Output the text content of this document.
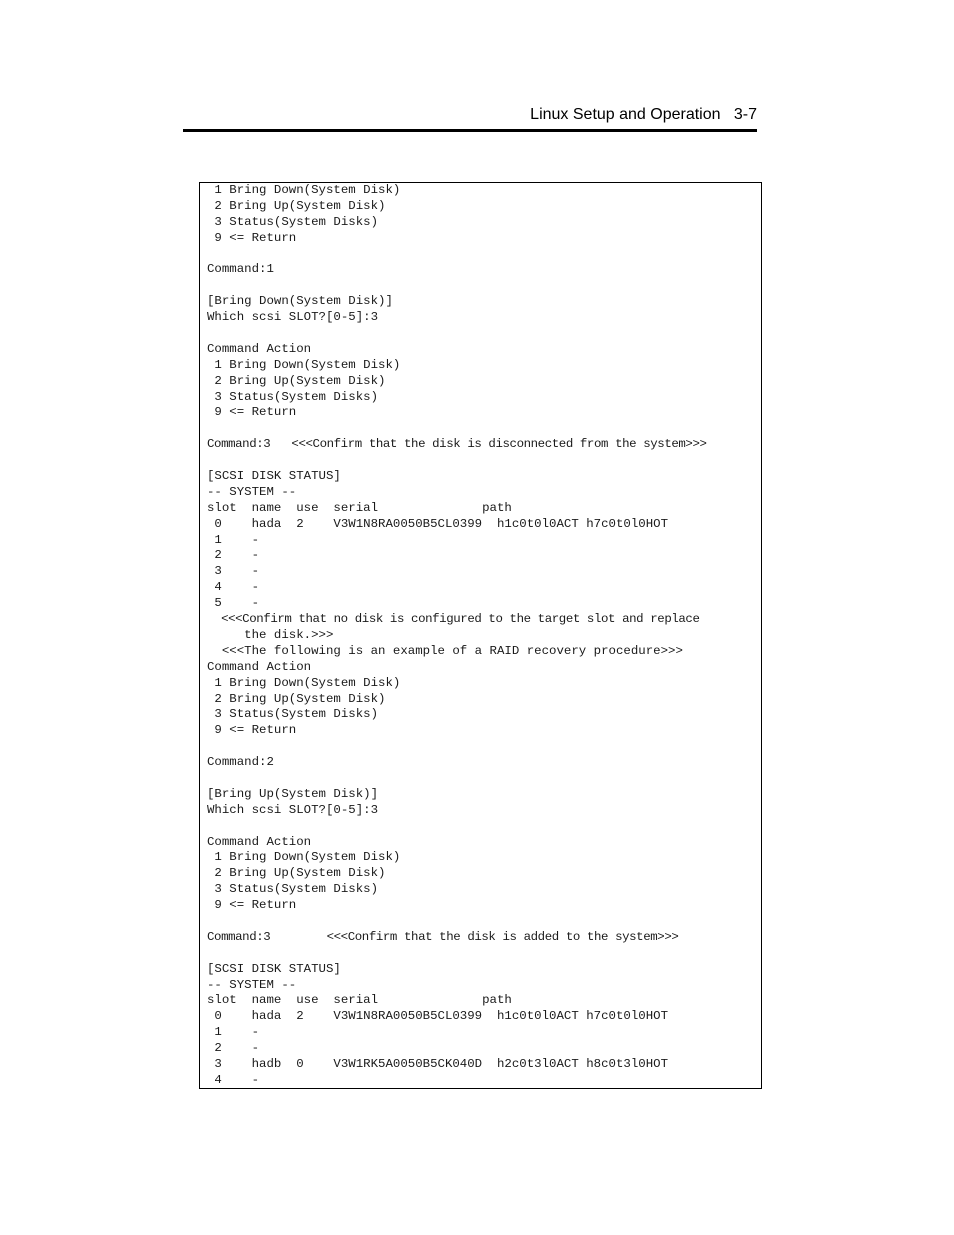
Linux Setup and Operation 3-7
1 Bring Down(System Disk)
2 Bring Up(System Disk)
3 Status(System Disks)
9 <= Return
Command:1
[Bring Down(System Disk)]
Which scsi SLOT?[0-5]:3
Command Action
1 Bring Down(System Disk)
2 Bring Up(System Disk)
3 Status(System Disks)
9 <= Return
Command:3   <<<Confirm that the disk is disconnected from the system>>>
[SCSI DISK STATUS]
-- SYSTEM --
slot  name  use  serial              path
0    hada  2    V3W1N8RA0050B5CL0399  h1c0t0l0ACT h7c0t0l0HOT
1    -
2    -
3    -
4    -
5    -
<<<Confirm that no disk is configured to the target slot and replace
the disk.>>>
<<<The following is an example of a RAID recovery procedure>>>
Command Action
1 Bring Down(System Disk)
2 Bring Up(System Disk)
3 Status(System Disks)
9 <= Return
Command:2
[Bring Up(System Disk)]
Which scsi SLOT?[0-5]:3
Command Action
1 Bring Down(System Disk)
2 Bring Up(System Disk)
3 Status(System Disks)
9 <= Return
Command:3        <<<Confirm that the disk is added to the system>>>
[SCSI DISK STATUS]
-- SYSTEM --
slot  name  use  serial              path
0    hada  2    V3W1N8RA0050B5CL0399  h1c0t0l0ACT h7c0t0l0HOT
1    -
2    -
3    hadb  0    V3W1RK5A0050B5CK040D  h2c0t3l0ACT h8c0t3l0HOT
4    -
